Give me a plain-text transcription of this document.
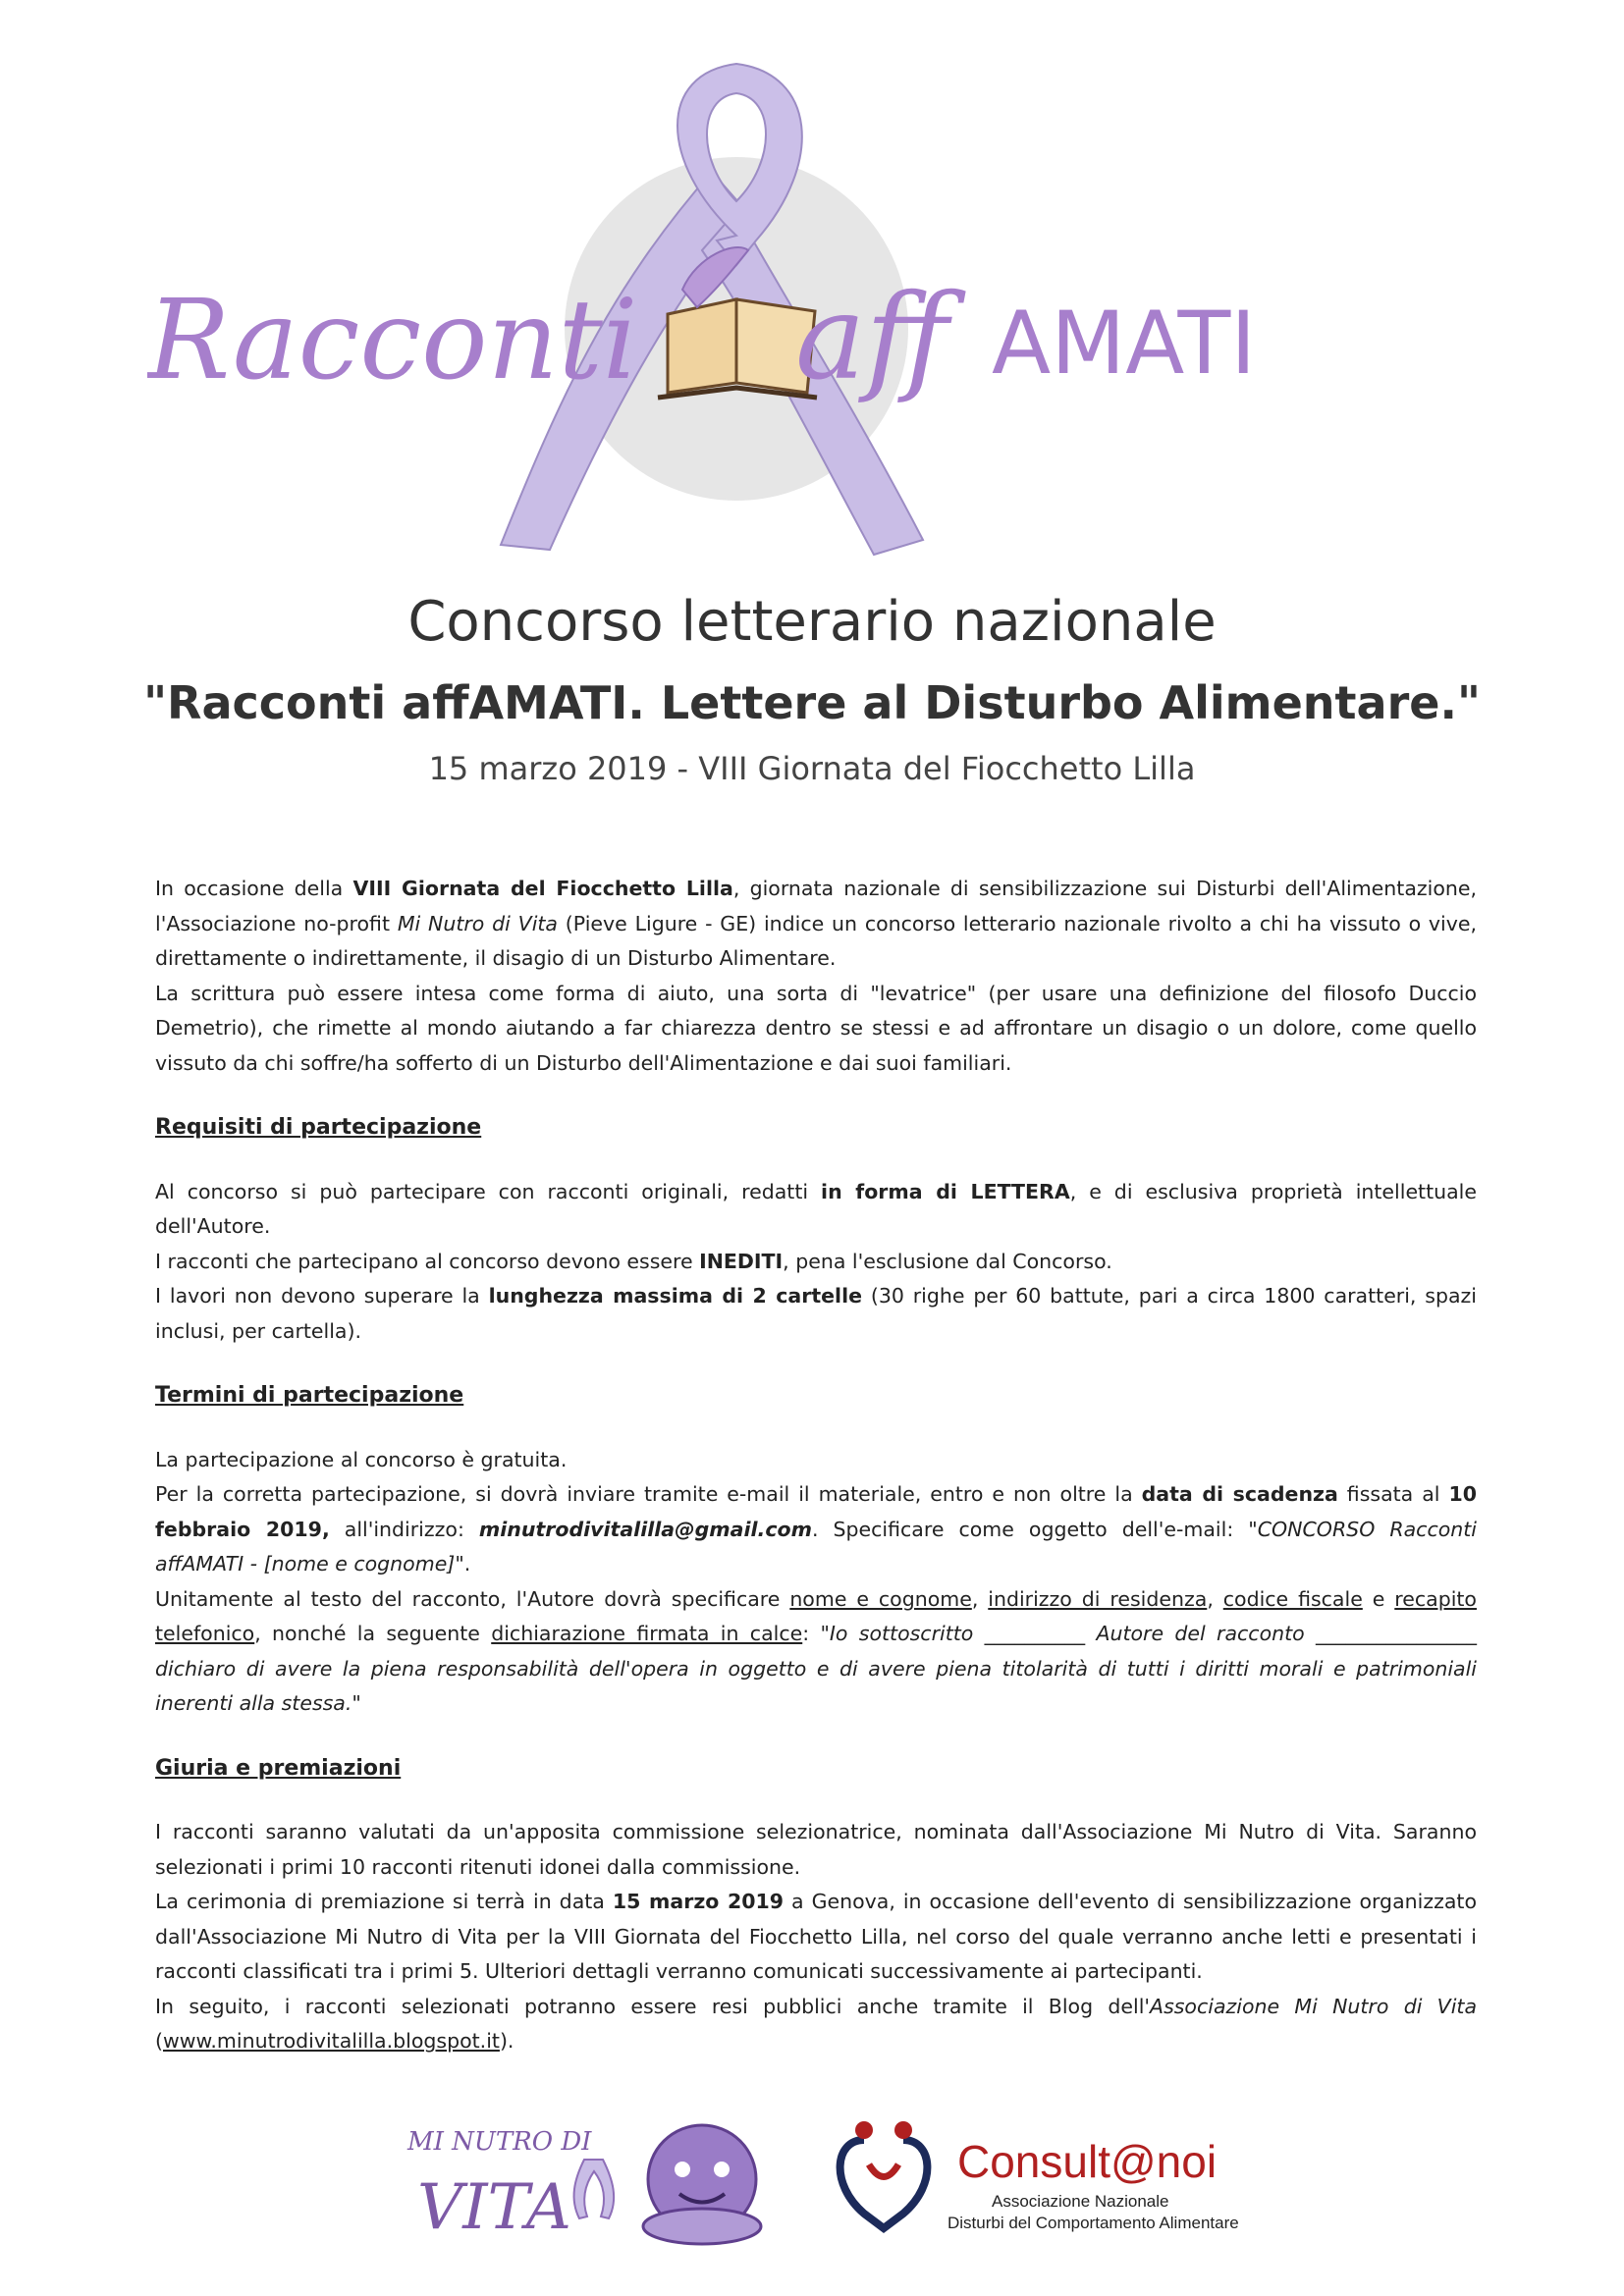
Racconti aff AMATI
Concorso letterario nazionale
"Racconti affAMATI. Lettere al Disturbo Alimentare."
15 marzo 2019 - VIII Giornata del Fiocchetto Lilla

In occasione della VIII Giornata del Fiocchetto Lilla, giornata nazionale di sensibilizzazione sui Disturbi dell'Alimentazione, l'Associazione no-profit Mi Nutro di Vita (Pieve Ligure - GE) indice un concorso letterario nazionale rivolto a chi ha vissuto o vive, direttamente o indirettamente, il disagio di un Disturbo Alimentare.

La scrittura può essere intesa come forma di aiuto, una sorta di "levatrice" (per usare una definizione del filosofo Duccio Demetrio), che rimette al mondo aiutando a far chiarezza dentro se stessi e ad affrontare un disagio o un dolore, come quello vissuto da chi soffre/ha sofferto di un Disturbo dell'Alimentazione e dai suoi familiari.

Requisiti di partecipazione

Al concorso si può partecipare con racconti originali, redatti in forma di LETTERA, e di esclusiva proprietà intellettuale dell'Autore.

I racconti che partecipano al concorso devono essere INEDITI, pena l'esclusione dal Concorso.

I lavori non devono superare la lunghezza massima di 2 cartelle (30 righe per 60 battute, pari a circa 1800 caratteri, spazi inclusi, per cartella).

Termini di partecipazione

La partecipazione al concorso è gratuita.

Per la corretta partecipazione, si dovrà inviare tramite e-mail il materiale, entro e non oltre la data di scadenza fissata al 10 febbraio 2019, all'indirizzo: minutrodivitalilla@gmail.com. Specificare come oggetto dell'e-mail: "CONCORSO Racconti affAMATI - [nome e cognome]".

Unitamente al testo del racconto, l'Autore dovrà specificare nome e cognome, indirizzo di residenza, codice fiscale e recapito telefonico, nonché la seguente dichiarazione firmata in calce: "Io sottoscritto __________ Autore del racconto ________________ dichiaro di avere la piena responsabilità dell'opera in oggetto e di avere piena titolarità di tutti i diritti morali e patrimoniali inerenti alla stessa."

Giuria e premiazioni

I racconti saranno valutati da un'apposita commissione selezionatrice, nominata dall'Associazione Mi Nutro di Vita. Saranno selezionati i primi 10 racconti ritenuti idonei dalla commissione.

La cerimonia di premiazione si terrà in data 15 marzo 2019 a Genova, in occasione dell'evento di sensibilizzazione organizzato dall'Associazione Mi Nutro di Vita per la VIII Giornata del Fiocchetto Lilla, nel corso del quale verranno anche letti e presentati i racconti classificati tra i primi 5. Ulteriori dettagli verranno comunicati successivamente ai partecipanti.

In seguito, i racconti selezionati potranno essere resi pubblici anche tramite il Blog dell'Associazione Mi Nutro di Vita (www.minutrodivitalilla.blogspot.it).

MI NUTRO DI
VITA
Consult@noi
Associazione Nazionale
Disturbi del Comportamento Alimentare
